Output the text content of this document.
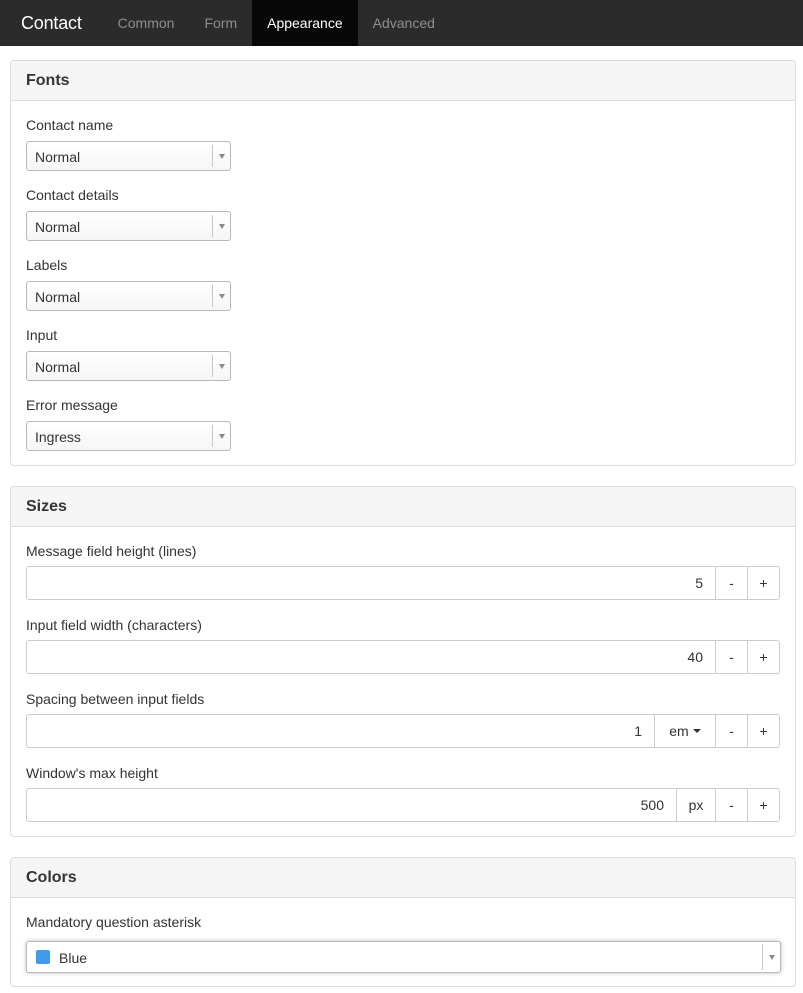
Contact	Common	Form	Appearance	Advanced
Fonts
Contact name
Normal
Contact details
Normal
Labels
Normal
Input
Normal
Error message
Ingress
Sizes
Message field height (lines)
5	-	+
Input field width (characters)
40	-	+
Spacing between input fields
1	em	-	+
Window's max height
500	px	-	+
Colors
Mandatory question asterisk
Blue
